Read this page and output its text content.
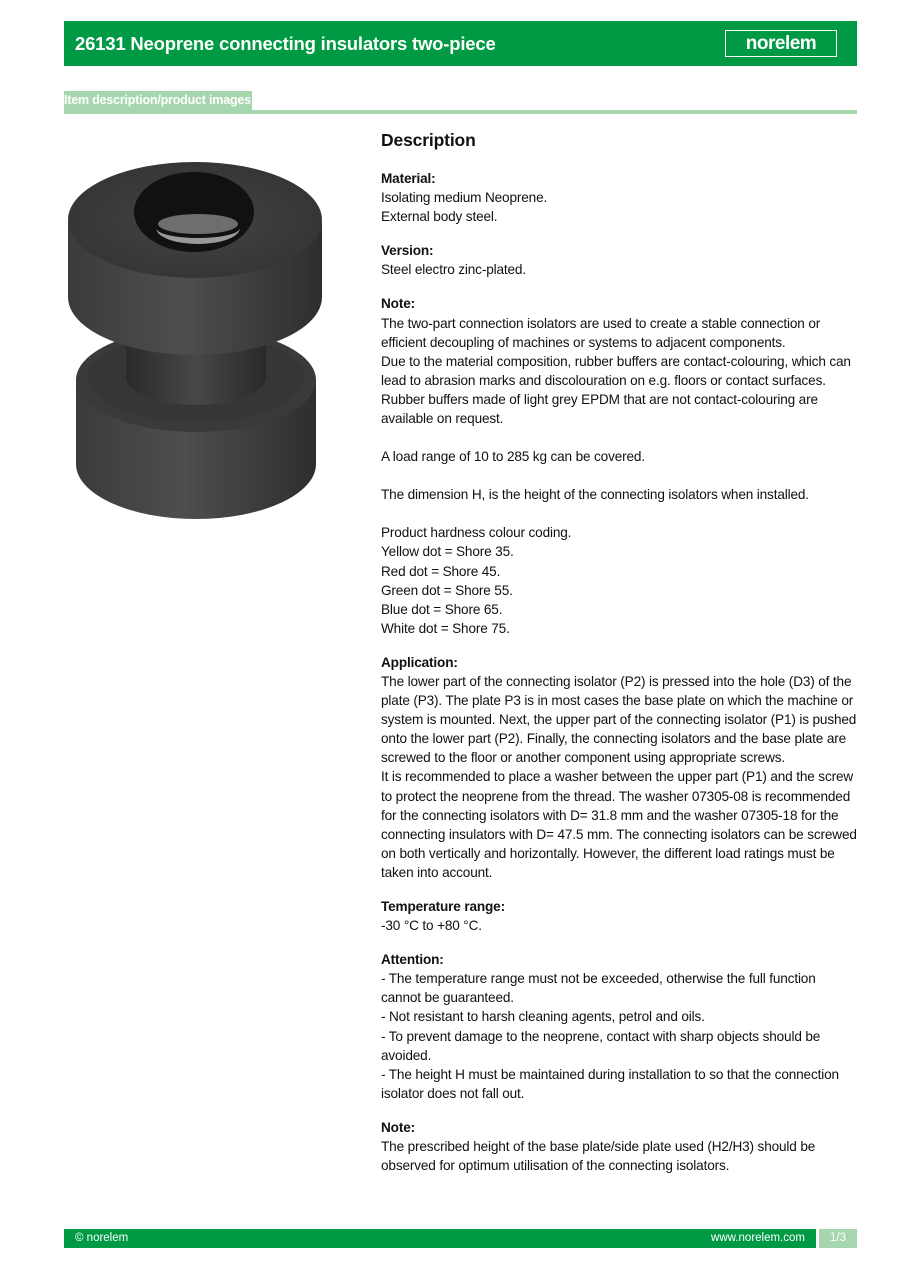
26131 Neoprene connecting insulators two-piece	norelem
Item description/product images
Description
Material:
Isolating medium Neoprene.
External body steel.
Version:
Steel electro zinc-plated.
Note:
The two-part connection isolators are used to create a stable connection or efficient decoupling of machines or systems to adjacent components.
Due to the material composition, rubber buffers are contact-colouring, which can lead to abrasion marks and discolouration on e.g. floors or contact surfaces.
Rubber buffers made of light grey EPDM that are not contact-colouring are available on request.
A load range of 10 to 285 kg can be covered.
The dimension H, is the height of the connecting isolators when installed.
Product hardness colour coding.
Yellow dot = Shore 35.
Red dot = Shore 45.
Green dot = Shore 55.
Blue dot = Shore 65.
White dot = Shore 75.
Application:
The lower part of the connecting isolator (P2) is pressed into the hole (D3) of the plate (P3). The plate P3 is in most cases the base plate on which the machine or system is mounted. Next, the upper part of the connecting isolator (P1) is pushed onto the lower part (P2). Finally, the connecting isolators and the base plate are screwed to the floor or another component using appropriate screws.
It is recommended to place a washer between the upper part (P1) and the screw to protect the neoprene from the thread. The washer 07305-08 is recommended for the connecting isolators with D= 31.8 mm and the washer 07305-18 for the connecting insulators with D= 47.5 mm. The connecting isolators can be screwed on both vertically and horizontally. However, the different load ratings must be taken into account.
Temperature range:
-30 °C to +80 °C.
Attention:
- The temperature range must not be exceeded, otherwise the full function cannot be guaranteed.
- Not resistant to harsh cleaning agents, petrol and oils.
- To prevent damage to the neoprene, contact with sharp objects should be avoided.
- The height H must be maintained during installation to so that the connection isolator does not fall out.
Note:
The prescribed height of the base plate/side plate used (H2/H3) should be observed for optimum utilisation of the connecting isolators.
© norelem	www.norelem.com	1/3
